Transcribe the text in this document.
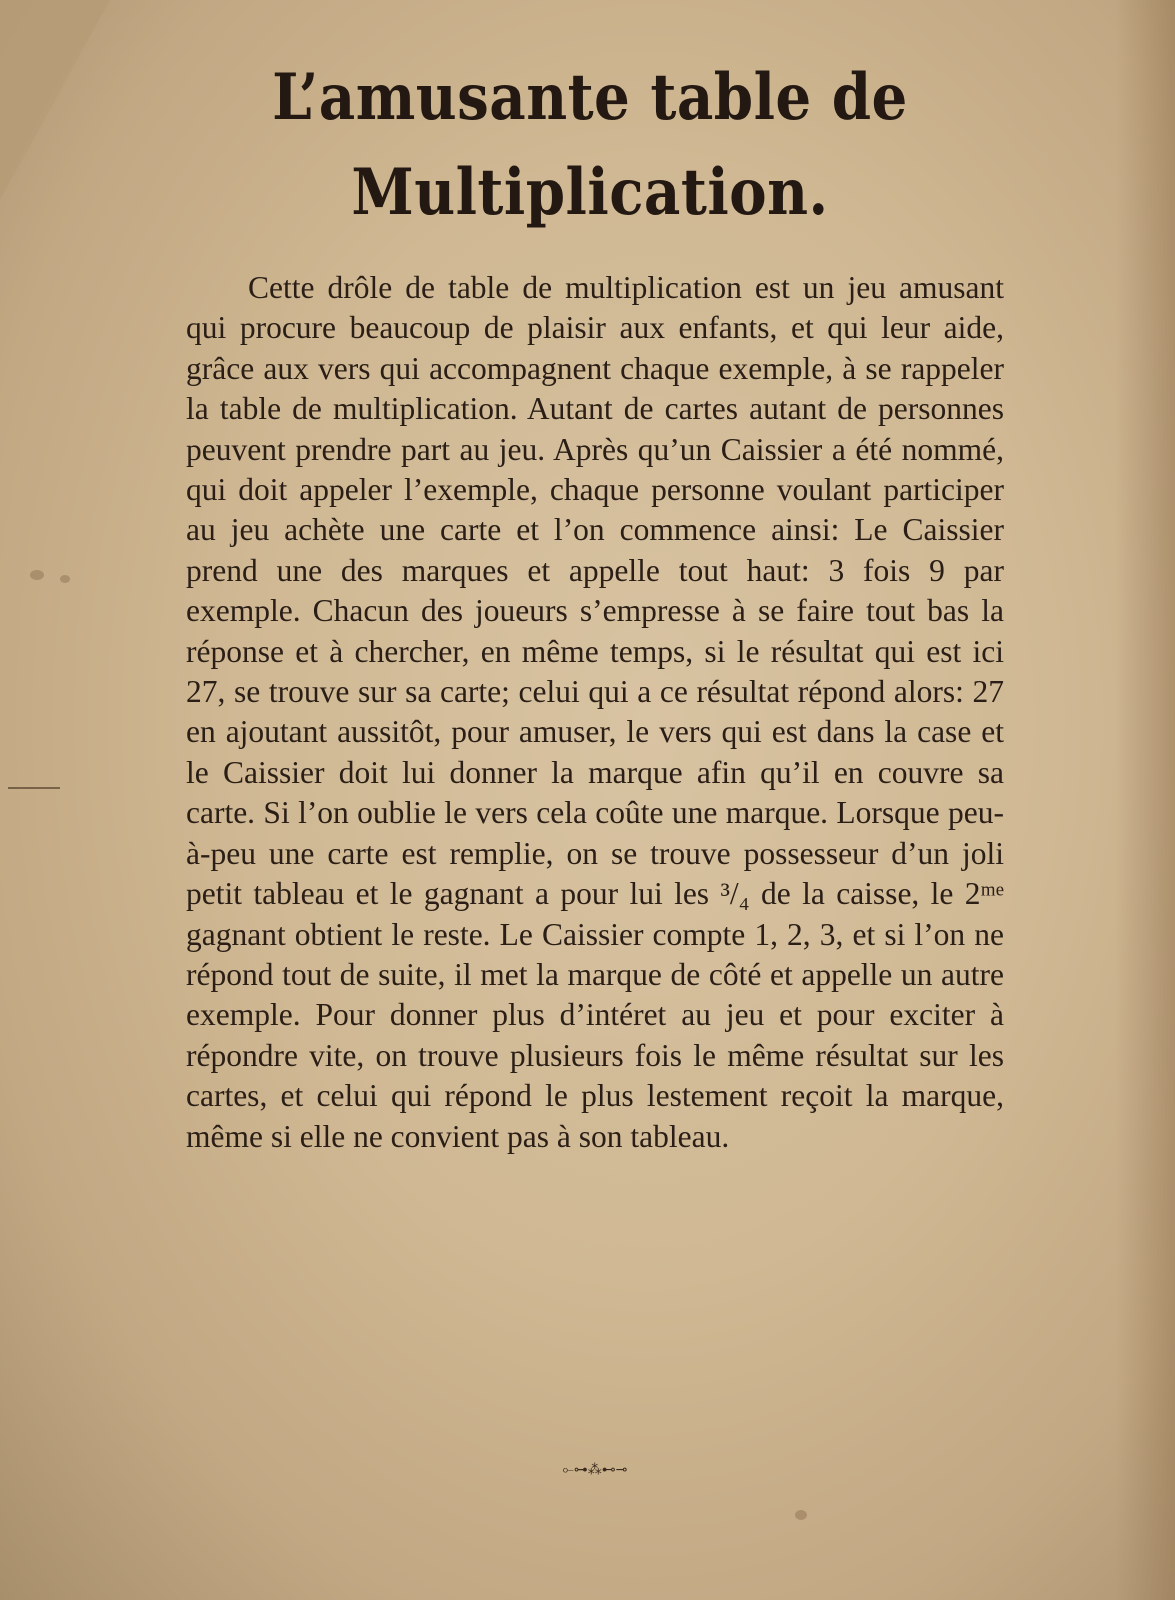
L’amusante table de
Multiplication.

Cette drôle de table de multiplication est un jeu amusant qui procure beaucoup de plaisir aux enfants, et qui leur aide, grâce aux vers qui accompagnent chaque exemple, à se rappeler la table de multiplication. Autant de cartes autant de personnes peuvent prendre part au jeu. Après qu’un Caissier a été nommé, qui doit appeler l’exemple, chaque personne voulant participer au jeu achète une carte et l’on commence ainsi: Le Caissier prend une des marques et appelle tout haut: 3 fois 9 par exemple. Chacun des joueurs s’empresse à se faire tout bas la réponse et à chercher, en même temps, si le résultat qui est ici 27, se trouve sur sa carte; celui qui a ce résultat répond alors: 27 en ajoutant aussitôt, pour amuser, le vers qui est dans la case et le Caissier doit lui donner la marque afin qu’il en couvre sa carte. Si l’on oublie le vers cela coûte une marque. Lorsque peu-à-peu une carte est remplie, on se trouve possesseur d’un joli petit tableau et le gagnant a pour lui les ³/₄ de la caisse, le 2ᵐᵉ gagnant obtient le reste. Le Caissier compte 1, 2, 3, et si l’on ne répond tout de suite, il met la marque de côté et appelle un autre exemple. Pour donner plus d’intéret au jeu et pour exciter à répondre vite, on trouve plusieurs fois le même résultat sur les cartes, et celui qui répond le plus lestement reçoit la marque, même si elle ne convient pas à son tableau.

⟜⊶⁂⊷⊸
